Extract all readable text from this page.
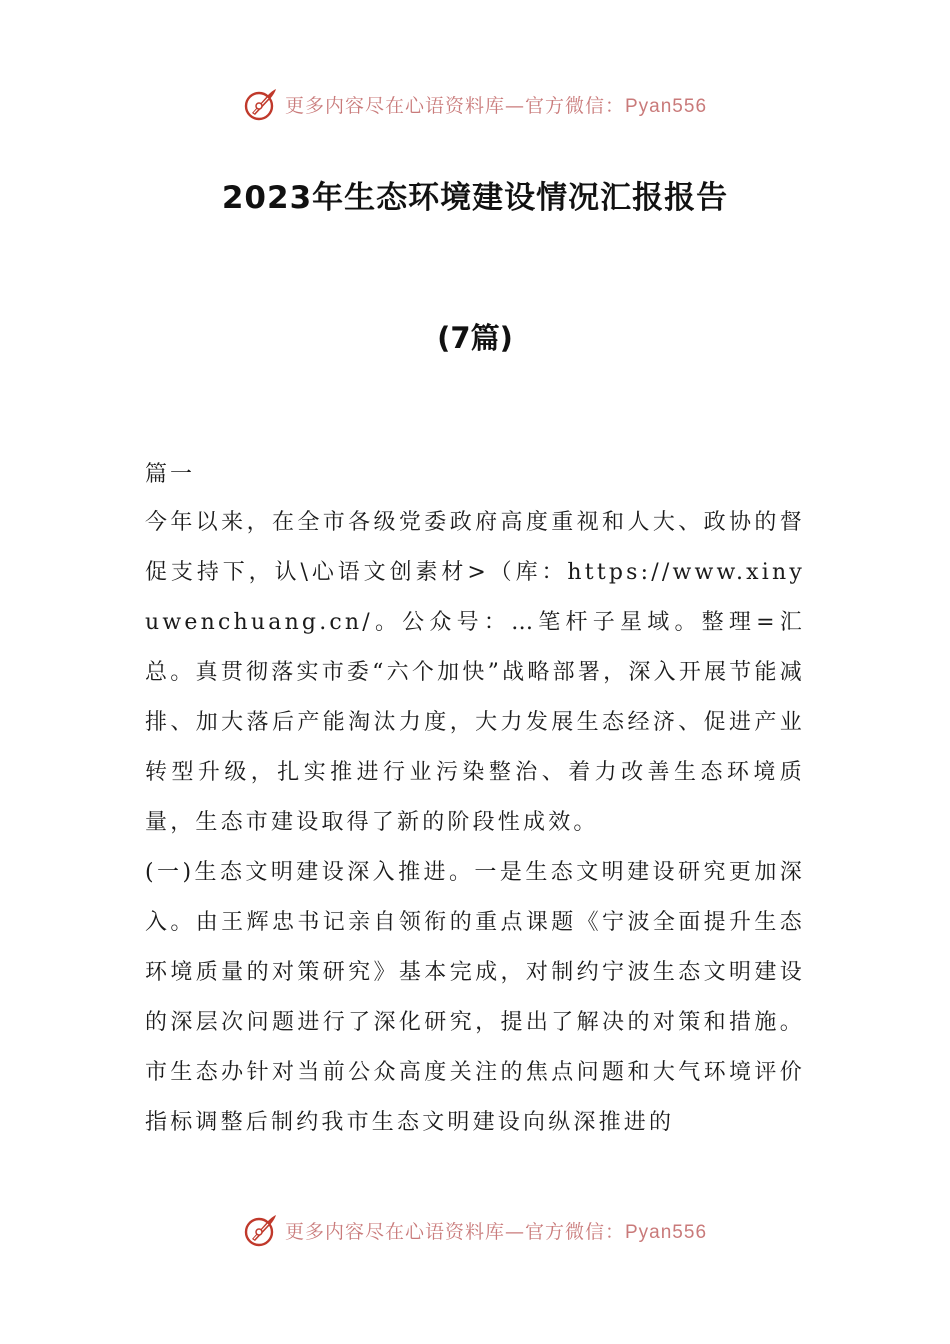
更多内容尽在心语资料库—官方微信：Pyan556
2023年生态环境建设情况汇报报告
(7篇)

篇一

今年以来，在全市各级党委政府高度重视和人大、政协的督促支持下，认\心语文创素材>（库：https://www.xinyuwenchuang.cn/。公众号：…笔杆子星域。整理=汇总。真贯彻落实市委“六个加快”战略部署，深入开展节能减排、加大落后产能淘汰力度，大力发展生态经济、促进产业转型升级，扎实推进行业污染整治、着力改善生态环境质量，生态市建设取得了新的阶段性成效。

(一)生态文明建设深入推进。一是生态文明建设研究更加深入。由王辉忠书记亲自领衔的重点课题《宁波全面提升生态环境质量的对策研究》基本完成，对制约宁波生态文明建设的深层次问题进行了深化研究，提出了解决的对策和措施。市生态办针对当前公众高度关注的焦点问题和大气环境评价指标调整后制约我市生态文明建设向纵深推进的

更多内容尽在心语资料库—官方微信：Pyan556
